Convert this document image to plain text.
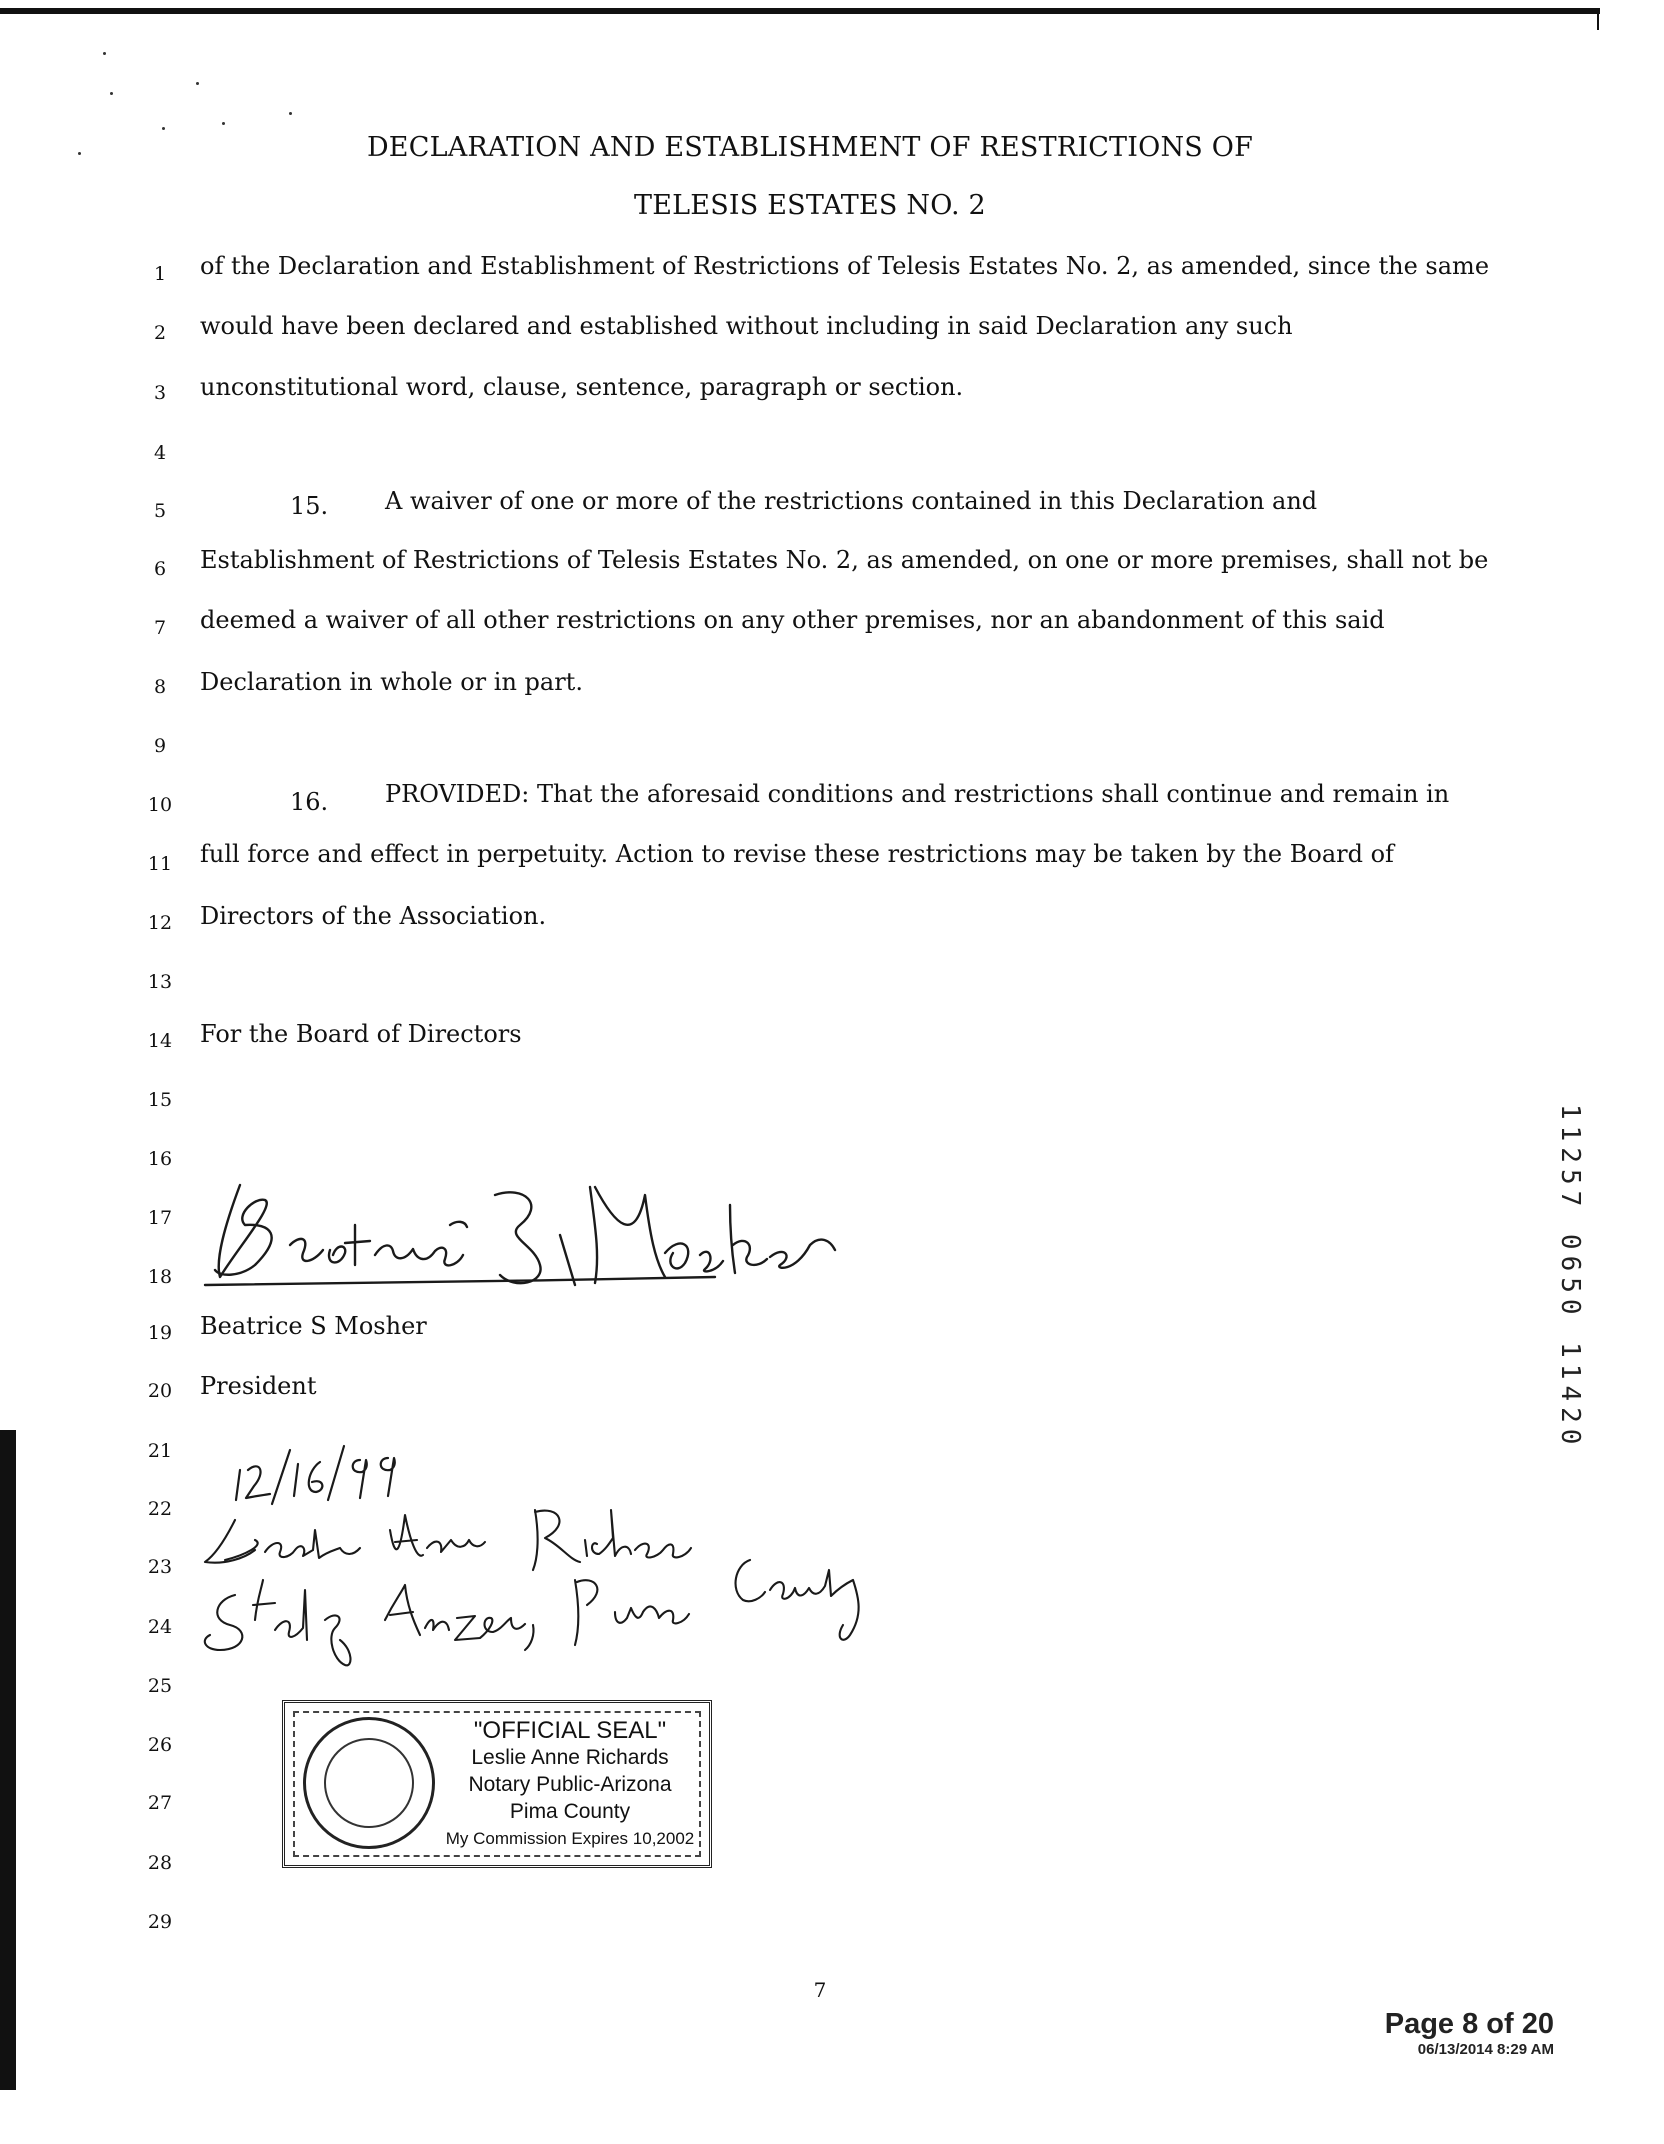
DECLARATION AND ESTABLISHMENT OF RESTRICTIONS OF
TELESIS ESTATES NO. 2
1
2
3
4
5
6
7
8
9
10
11
12
13
14
15
16
17
18
19
20
21
22
23
24
25
26
27
28
29
of the Declaration and Establishment of Restrictions of Telesis Estates No. 2, as amended, since the same
would have been declared and established without including in said Declaration any such
unconstitutional word, clause, sentence, paragraph or section.
15. A waiver of one or more of the restrictions contained in this Declaration and
Establishment of Restrictions of Telesis Estates No. 2, as amended, on one or more premises, shall not be
deemed a waiver of all other restrictions on any other premises, nor an abandonment of this said
Declaration in whole or in part.
16. PROVIDED: That the aforesaid conditions and restrictions shall continue and remain in
full force and effect in perpetuity. Action to revise these restrictions may be taken by the Board of
Directors of the Association.
For the Board of Directors
Beatrice S Mosher
President
"OFFICIAL SEAL"
Leslie Anne Richards
Notary Public-Arizona
Pima County
My Commission Expires 10,2002
11257 0650 11420
7
Page 8 of 20
06/13/2014 8:29 AM
